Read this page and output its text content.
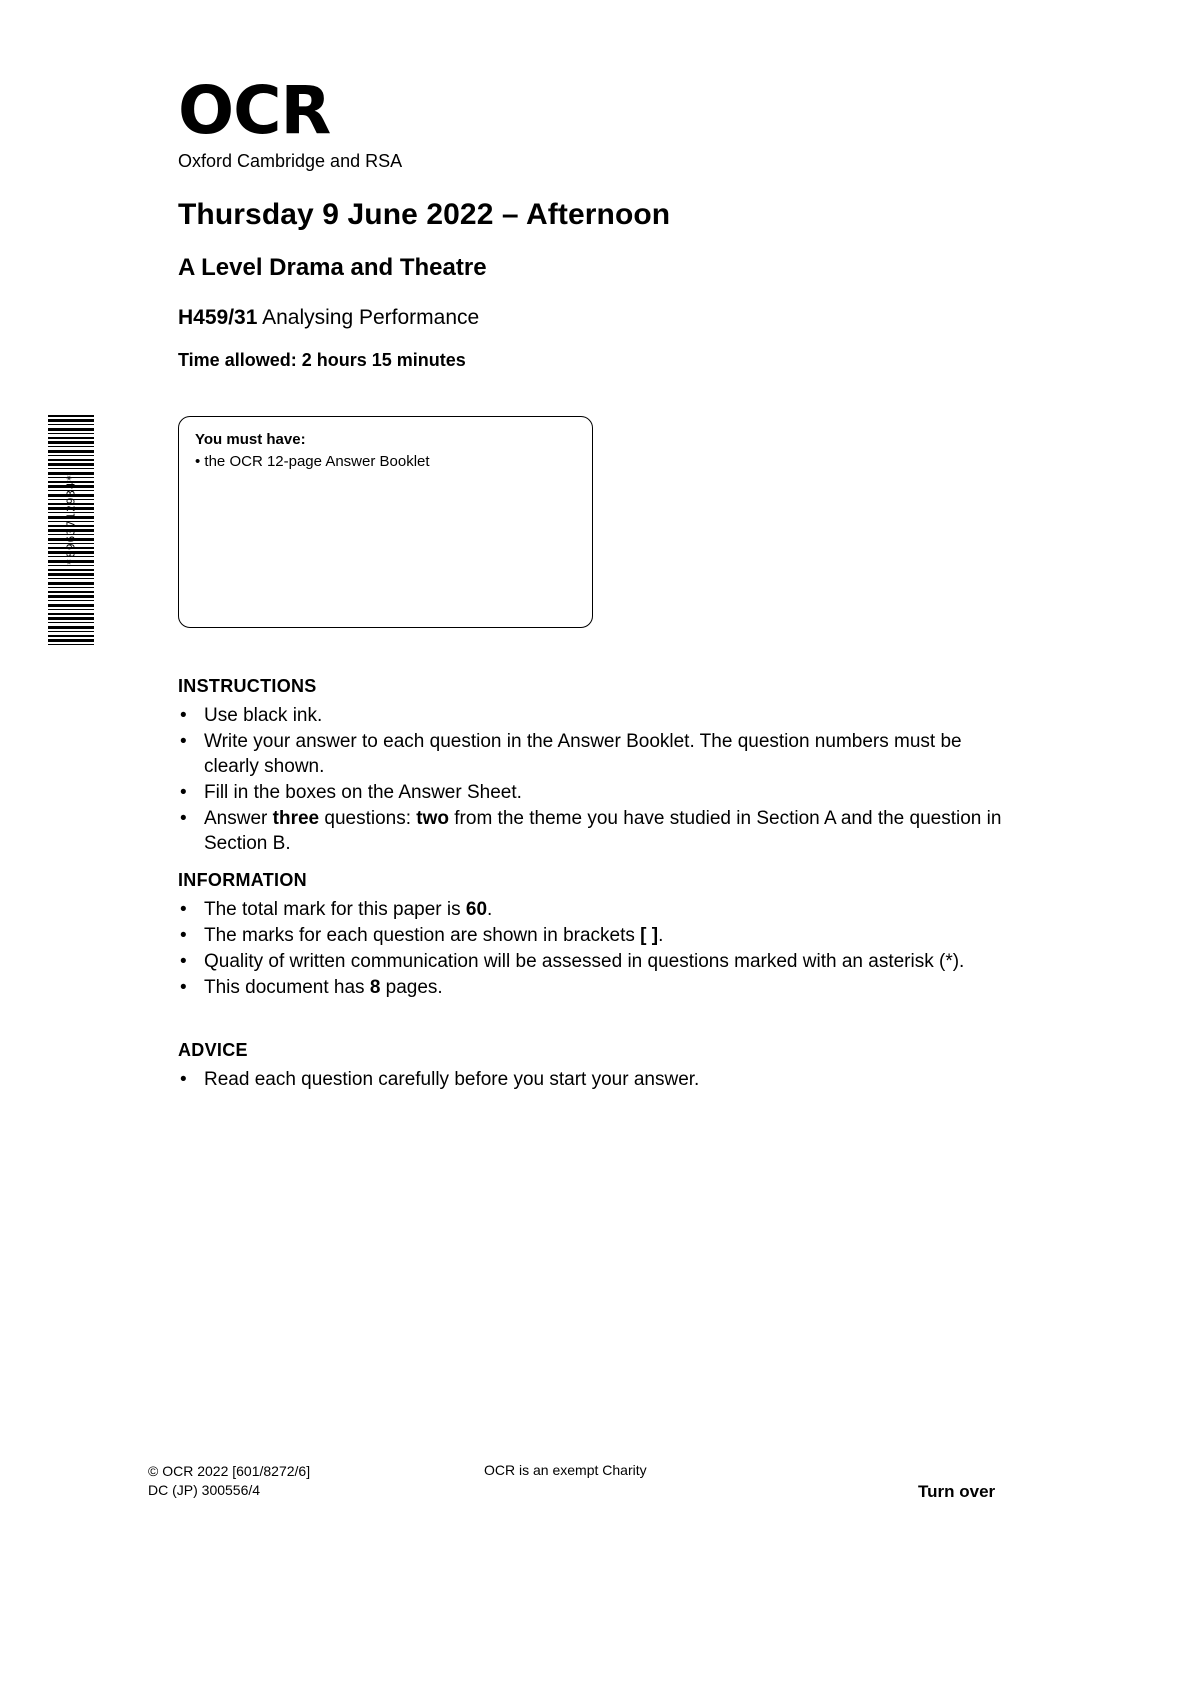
*8963712934*
OCR
Oxford Cambridge and RSA
Thursday 9 June 2022 – Afternoon
A Level Drama and Theatre
H459/31 Analysing Performance
Time allowed: 2 hours 15 minutes
You must have:
• the OCR 12-page Answer Booklet
INSTRUCTIONS
• Use black ink.
• Write your answer to each question in the Answer Booklet. The question numbers must be clearly shown.
• Fill in the boxes on the Answer Sheet.
• Answer three questions: two from the theme you have studied in Section A and the question in Section B.
INFORMATION
• The total mark for this paper is 60.
• The marks for each question are shown in brackets [ ].
• Quality of written communication will be assessed in questions marked with an asterisk (*).
• This document has 8 pages.
ADVICE
• Read each question carefully before you start your answer.
© OCR 2022 [601/8272/6]
DC (JP) 300556/4
OCR is an exempt Charity
Turn over
